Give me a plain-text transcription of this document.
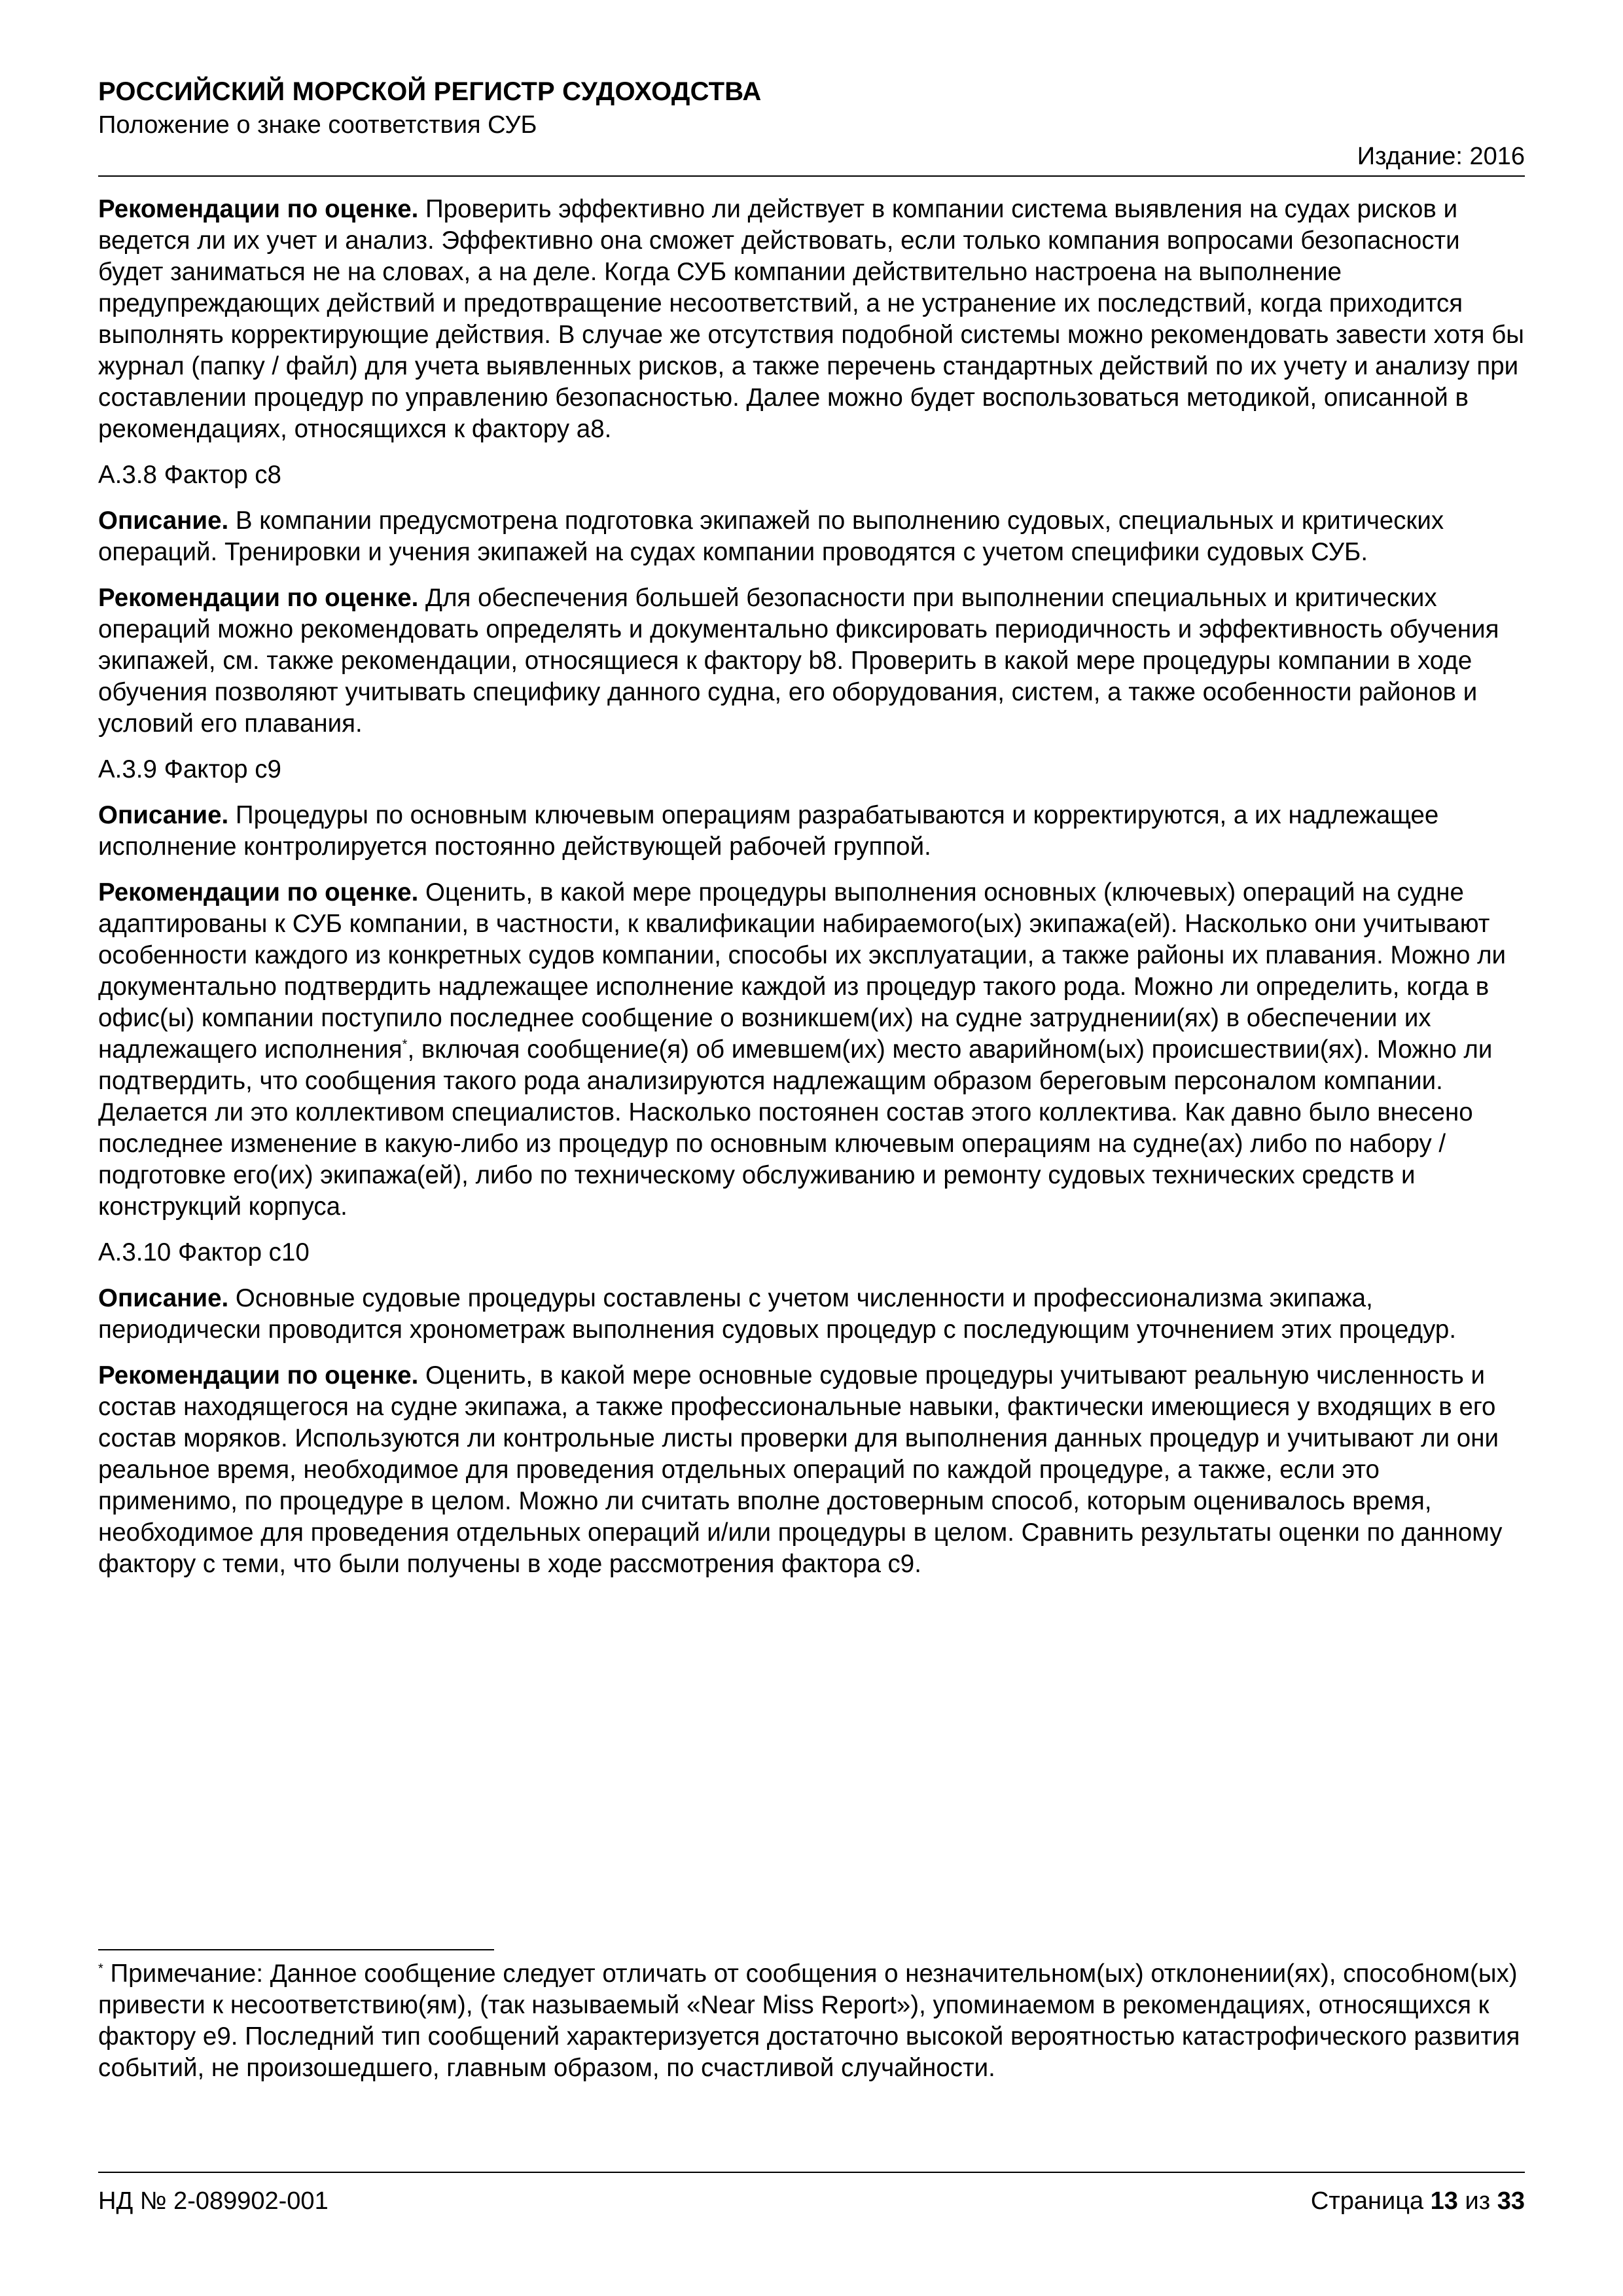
РОССИЙСКИЙ МОРСКОЙ РЕГИСТР СУДОХОДСТВА
Положение о знаке соответствия СУБ
Издание: 2016

Рекомендации по оценке. Проверить эффективно ли действует в компании система выявления на судах рисков и ведется ли их учет и анализ. Эффективно она сможет действовать, если только компания вопросами безопасности будет заниматься не на словах, а на деле. Когда СУБ компании действительно настроена на выполнение предупреждающих действий и предотвращение несоответствий, а не устранение их последствий, когда приходится выполнять корректирующие действия. В случае же отсутствия подобной системы можно рекомендовать завести хотя бы журнал (папку / файл) для учета выявленных рисков, а также перечень стандартных действий по их учету и анализу при составлении процедур по управлению безопасностью. Далее можно будет воспользоваться методикой, описанной в рекомендациях, относящихся к фактору a8.

A.3.8 Фактор c8

Описание. В компании предусмотрена подготовка экипажей по выполнению судовых, специальных и критических операций. Тренировки и учения экипажей на судах компании проводятся с учетом специфики судовых СУБ.

Рекомендации по оценке. Для обеспечения большей безопасности при выполнении специальных и критических операций можно рекомендовать определять и документально фиксировать периодичность и эффективность обучения экипажей, см. также рекомендации, относящиеся к фактору b8. Проверить в какой мере процедуры компании в ходе обучения позволяют учитывать специфику данного судна, его оборудования, систем, а также особенности районов и условий его плавания.

A.3.9 Фактор c9

Описание. Процедуры по основным ключевым операциям разрабатываются и корректируются, а их надлежащее исполнение контролируется постоянно действующей рабочей группой.

Рекомендации по оценке. Оценить, в какой мере процедуры выполнения основных (ключевых) операций на судне адаптированы к СУБ компании, в частности, к квалификации набираемого(ых) экипажа(ей). Насколько они учитывают особенности каждого из конкретных судов компании, способы их эксплуатации, а также районы их плавания. Можно ли документально подтвердить надлежащее исполнение каждой из процедур такого рода. Можно ли определить, когда в офис(ы) компании поступило последнее сообщение о возникшем(их) на судне затруднении(ях) в обеспечении их надлежащего исполнения*, включая сообщение(я) об имевшем(их) место аварийном(ых) происшествии(ях). Можно ли подтвердить, что сообщения такого рода анализируются надлежащим образом береговым персоналом компании. Делается ли это коллективом специалистов. Насколько постоянен состав этого коллектива. Как давно было внесено последнее изменение в какую-либо из процедур по основным ключевым операциям на судне(ах) либо по набору / подготовке его(их) экипажа(ей), либо по техническому обслуживанию и ремонту судовых технических средств и конструкций корпуса.

A.3.10 Фактор c10

Описание. Основные судовые процедуры составлены с учетом численности и профессионализма экипажа, периодически проводится хронометраж выполнения судовых процедур с последующим уточнением этих процедур.

Рекомендации по оценке. Оценить, в какой мере основные судовые процедуры учитывают реальную численность и состав находящегося на судне экипажа, а также профессиональные навыки, фактически имеющиеся у входящих в его состав моряков. Используются ли контрольные листы проверки для выполнения данных процедур и учитывают ли они реальное время, необходимое для проведения отдельных операций по каждой процедуре, а также, если это применимо, по процедуре в целом. Можно ли считать вполне достоверным способ, которым оценивалось время, необходимое для проведения отдельных операций и/или процедуры в целом. Сравнить результаты оценки по данному фактору с теми, что были получены в ходе рассмотрения фактора c9.

* Примечание: Данное сообщение следует отличать от сообщения о незначительном(ых) отклонении(ях), способном(ых) привести к несоответствию(ям), (так называемый «Near Miss Report»), упоминаемом в рекомендациях, относящихся к фактору e9. Последний тип сообщений характеризуется достаточно высокой вероятностью катастрофического развития событий, не произошедшего, главным образом, по счастливой случайности.

НД № 2-089902-001	Страница 13 из 33
